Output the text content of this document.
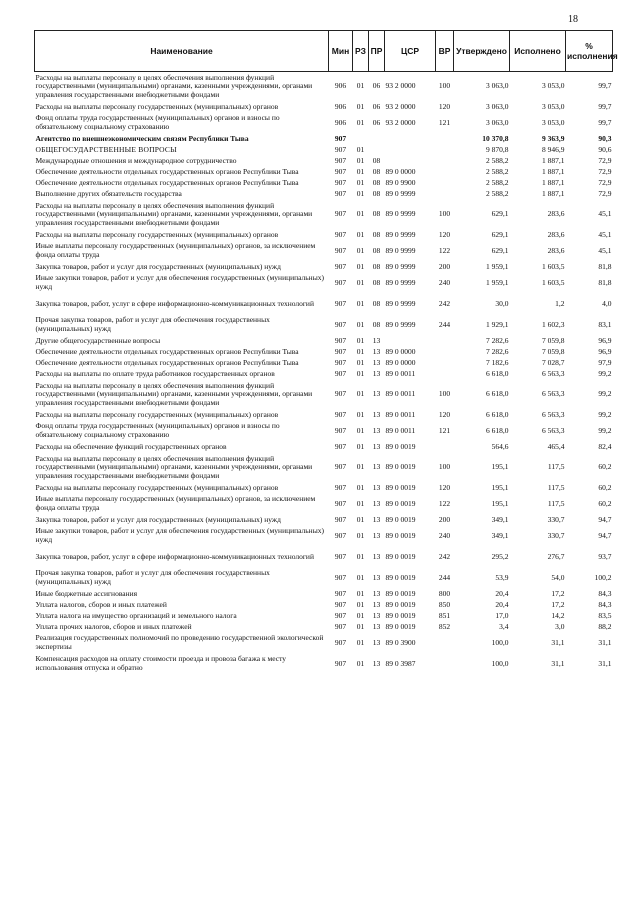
18
Наименование	Мин	РЗ	ПР	ЦСР	ВР	Утверждено	Исполнено	% исполнения
Расходы на выплаты персоналу в целях обеспечения выполнения функций государственными (муниципальными) органами, казенными учреждениями, органами управления государственными внебюджетными фондами	906	01	06	93 2 0000	100	3 063,0	3 053,0	99,7
Расходы на выплаты персоналу государственных (муниципальных) органов	906	01	06	93 2 0000	120	3 063,0	3 053,0	99,7
Фонд оплаты труда государственных (муниципальных) органов и взносы по обязательному социальному страхованию	906	01	06	93 2 0000	121	3 063,0	3 053,0	99,7
Агентство по внешнеэкономическим связям Республики Тыва	907					10 370,8	9 363,9	90,3
ОБЩЕГОСУДАРСТВЕННЫЕ ВОПРОСЫ	907	01				9 870,8	8 946,9	90,6
Международные отношения и международное сотрудничество	907	01	08			2 588,2	1 887,1	72,9
Обеспечение деятельности отдельных государственных органов Республики Тыва	907	01	08	89 0 0000		2 588,2	1 887,1	72,9
Обеспечение деятельности отдельных государственных органов Республики Тыва	907	01	08	89 0 9900		2 588,2	1 887,1	72,9
Выполнение других обязательств государства	907	01	08	89 0 9999		2 588,2	1 887,1	72,9
Расходы на выплаты персоналу в целях обеспечения выполнения функций государственными (муниципальными) органами, казенными учреждениями, органами управления государственными внебюджетными фондами	907	01	08	89 0 9999	100	629,1	283,6	45,1
Расходы на выплаты персоналу государственных (муниципальных) органов	907	01	08	89 0 9999	120	629,1	283,6	45,1
Иные выплаты персоналу государственных (муниципальных) органов, за исключением фонда оплаты труда	907	01	08	89 0 9999	122	629,1	283,6	45,1
Закупка товаров, работ и услуг для государственных (муниципальных) нужд	907	01	08	89 0 9999	200	1 959,1	1 603,5	81,8
Иные закупки товаров, работ и услуг для обеспечения государственных (муниципальных) нужд	907	01	08	89 0 9999	240	1 959,1	1 603,5	81,8
Закупка товаров, работ, услуг в сфере информационно-коммуникационных технологий	907	01	08	89 0 9999	242	30,0	1,2	4,0
Прочая закупка товаров, работ и услуг для обеспечения государственных (муниципальных) нужд	907	01	08	89 0 9999	244	1 929,1	1 602,3	83,1
Другие общегосударственные вопросы	907	01	13			7 282,6	7 059,8	96,9
Обеспечение деятельности отдельных государственных органов Республики Тыва	907	01	13	89 0 0000		7 282,6	7 059,8	96,9
Обеспечение деятельности отдельных государственных органов Республики Тыва	907	01	13	89 0 0000		7 182,6	7 028,7	97,9
Расходы на выплаты по оплате труда работников государственных органов	907	01	13	89 0 0011		6 618,0	6 563,3	99,2
Расходы на выплаты персоналу в целях обеспечения выполнения функций государственными (муниципальными) органами, казенными учреждениями, органами управления государственными внебюджетными фондами	907	01	13	89 0 0011	100	6 618,0	6 563,3	99,2
Расходы на выплаты персоналу государственных (муниципальных) органов	907	01	13	89 0 0011	120	6 618,0	6 563,3	99,2
Фонд оплаты труда государственных (муниципальных) органов и взносы по обязательному социальному страхованию	907	01	13	89 0 0011	121	6 618,0	6 563,3	99,2
Расходы на обеспечение функций государственных органов	907	01	13	89 0 0019		564,6	465,4	82,4
Расходы на выплаты персоналу в целях обеспечения выполнения функций государственными (муниципальными) органами, казенными учреждениями, органами управления государственными внебюджетными фондами	907	01	13	89 0 0019	100	195,1	117,5	60,2
Расходы на выплаты персоналу государственных (муниципальных) органов	907	01	13	89 0 0019	120	195,1	117,5	60,2
Иные выплаты персоналу государственных (муниципальных) органов, за исключением фонда оплаты труда	907	01	13	89 0 0019	122	195,1	117,5	60,2
Закупка товаров, работ и услуг для государственных (муниципальных) нужд	907	01	13	89 0 0019	200	349,1	330,7	94,7
Иные закупки товаров, работ и услуг для обеспечения государственных (муниципальных) нужд	907	01	13	89 0 0019	240	349,1	330,7	94,7
Закупка товаров, работ, услуг в сфере информационно-коммуникационных технологий	907	01	13	89 0 0019	242	295,2	276,7	93,7
Прочая закупка товаров, работ и услуг для обеспечения государственных (муниципальных) нужд	907	01	13	89 0 0019	244	53,9	54,0	100,2
Иные бюджетные ассигнования	907	01	13	89 0 0019	800	20,4	17,2	84,3
Уплата налогов, сборов и иных платежей	907	01	13	89 0 0019	850	20,4	17,2	84,3
Уплата налога на имущество организаций и земельного налога	907	01	13	89 0 0019	851	17,0	14,2	83,5
Уплата прочих налогов, сборов и иных платежей	907	01	13	89 0 0019	852	3,4	3,0	88,2
Реализация государственных полномочий по проведению государственной экологической экспертизы	907	01	13	89 0 3900		100,0	31,1	31,1
Компенсация расходов на оплату стоимости проезда и провоза багажа к месту использования отпуска и обратно	907	01	13	89 0 3987		100,0	31,1	31,1
